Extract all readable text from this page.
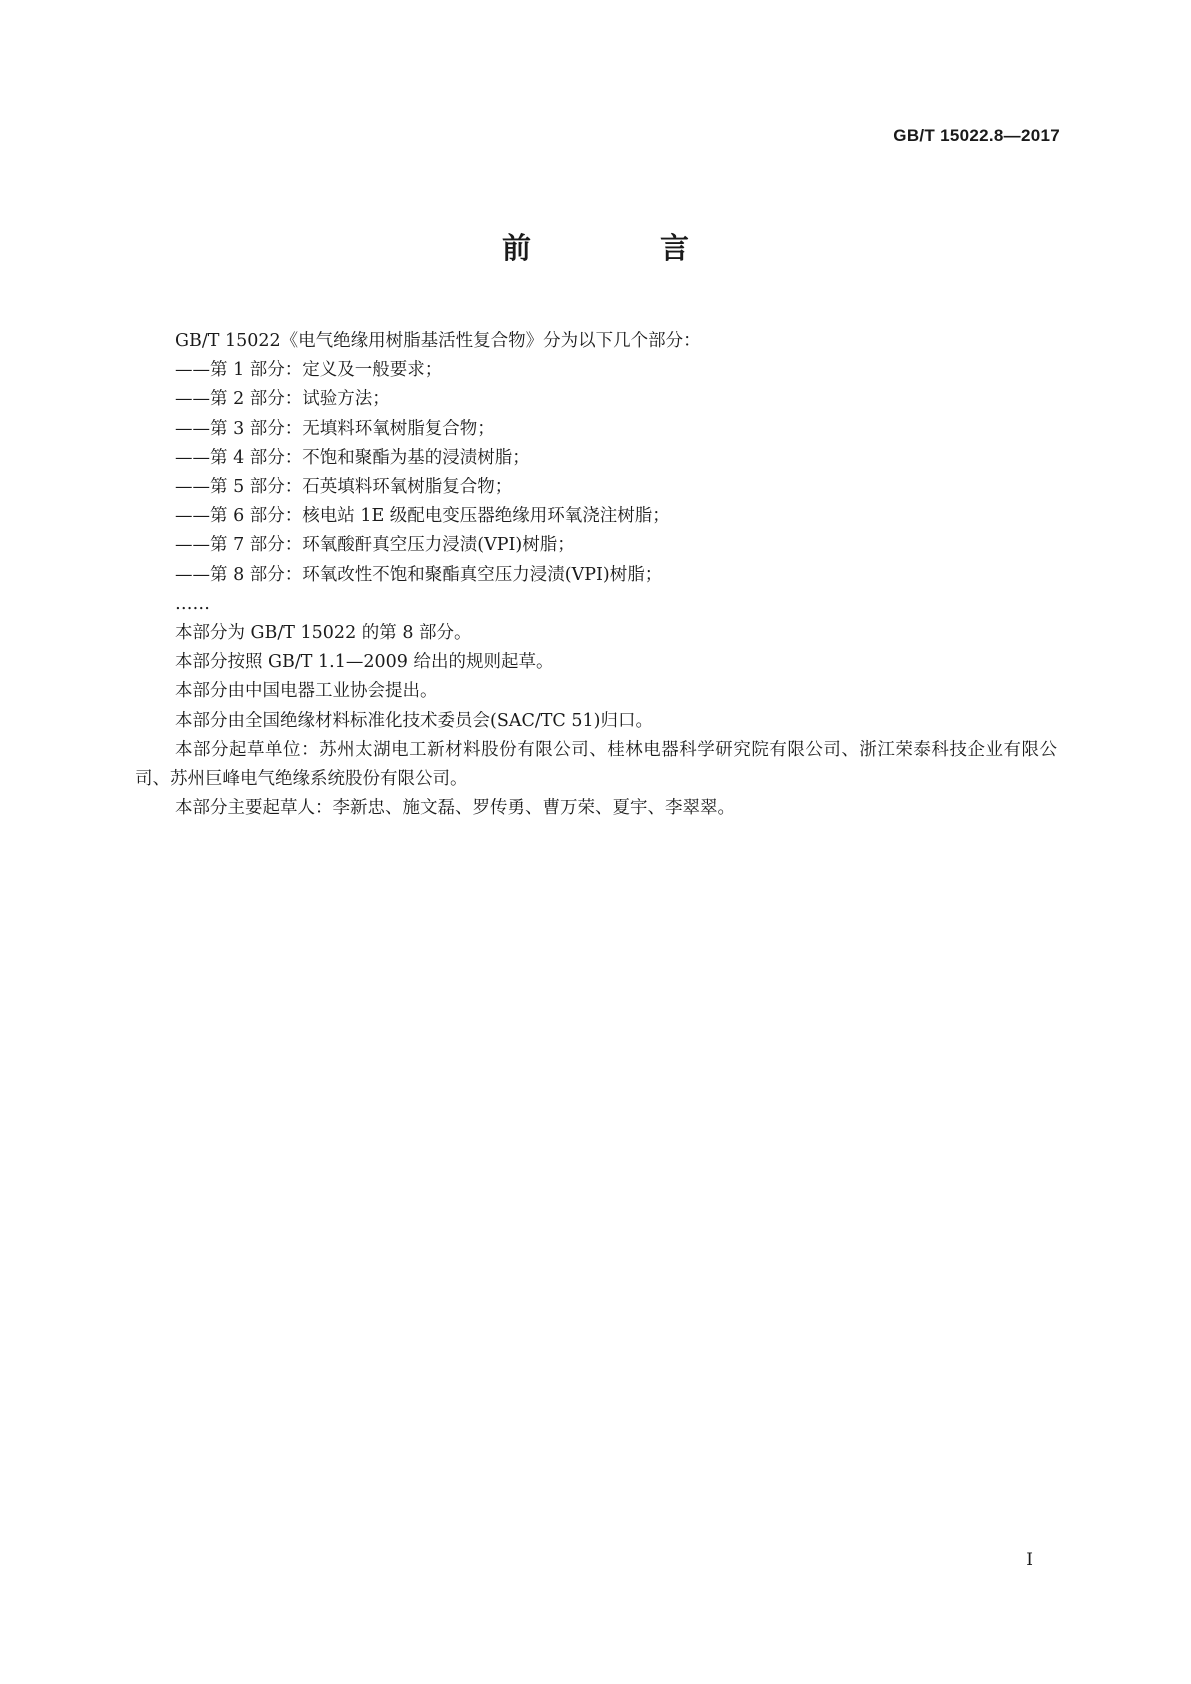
GB/T 15022.8—2017
前　言

GB/T 15022《电气绝缘用树脂基活性复合物》分为以下几个部分：

——第 1 部分：定义及一般要求；

——第 2 部分：试验方法；

——第 3 部分：无填料环氧树脂复合物；

——第 4 部分：不饱和聚酯为基的浸渍树脂；

——第 5 部分：石英填料环氧树脂复合物；

——第 6 部分：核电站 1E 级配电变压器绝缘用环氧浇注树脂；

——第 7 部分：环氧酸酐真空压力浸渍(VPI)树脂；

——第 8 部分：环氧改性不饱和聚酯真空压力浸渍(VPI)树脂；

……

本部分为 GB/T 15022 的第 8 部分。

本部分按照 GB/T 1.1—2009 给出的规则起草。

本部分由中国电器工业协会提出。

本部分由全国绝缘材料标准化技术委员会(SAC/TC 51)归口。

本部分起草单位：苏州太湖电工新材料股份有限公司、桂林电器科学研究院有限公司、浙江荣泰科技企业有限公司、苏州巨峰电气绝缘系统股份有限公司。

本部分主要起草人：李新忠、施文磊、罗传勇、曹万荣、夏宇、李翠翠。

I
